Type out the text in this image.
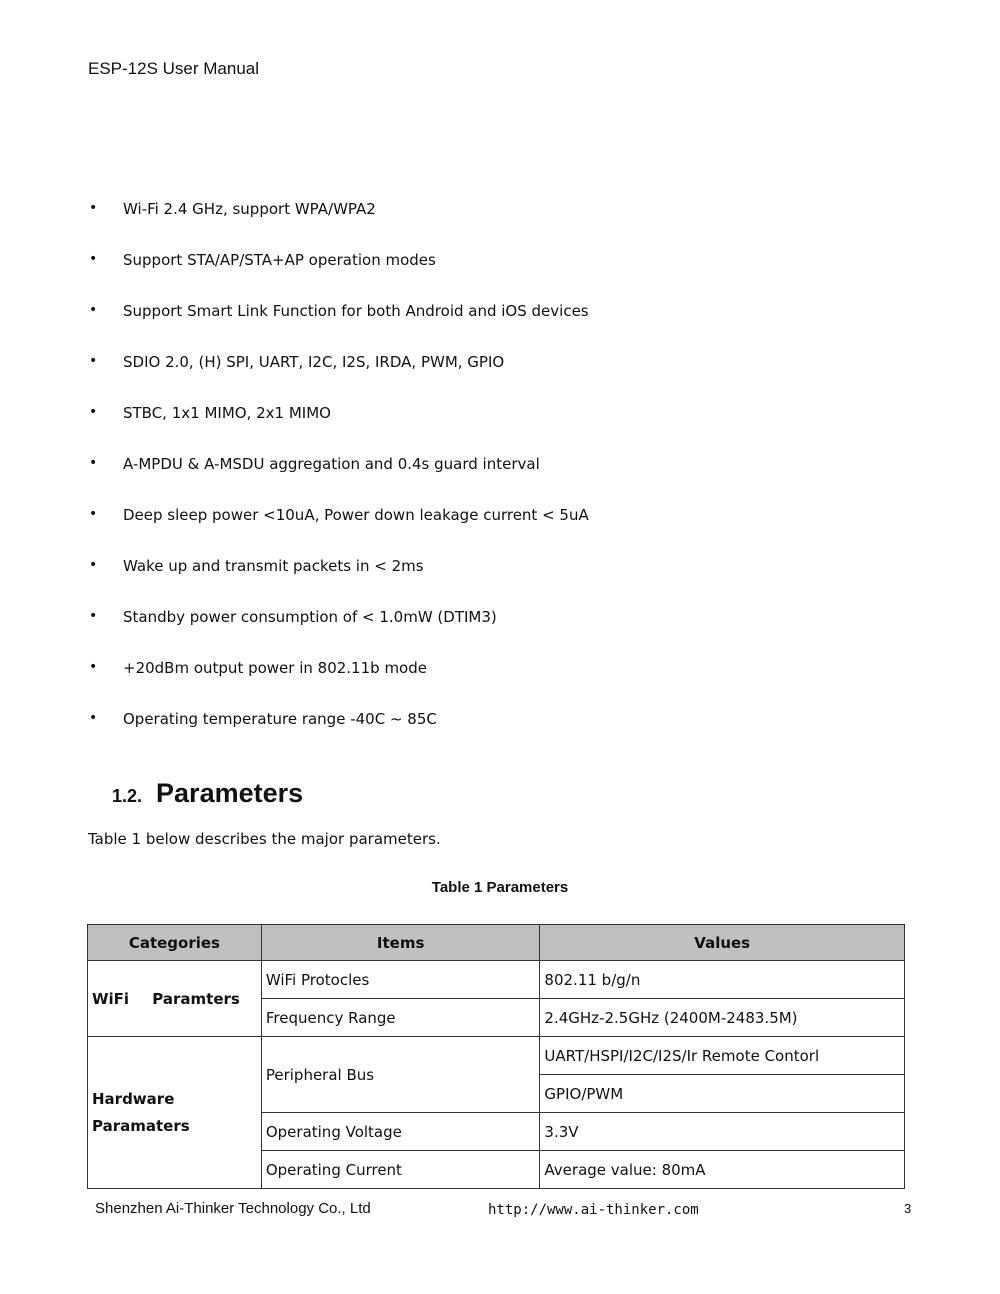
ESP-12S User Manual
•	Wi-Fi 2.4 GHz, support WPA/WPA2
•	Support STA/AP/STA+AP operation modes
•	Support Smart Link Function for both Android and iOS devices
•	SDIO 2.0, (H) SPI, UART, I2C, I2S, IRDA, PWM, GPIO
•	STBC, 1x1 MIMO, 2x1 MIMO
•	A-MPDU & A-MSDU aggregation and 0.4s guard interval
•	Deep sleep power <10uA, Power down leakage current < 5uA
•	Wake up and transmit packets in < 2ms
•	Standby power consumption of < 1.0mW (DTIM3)
•	+20dBm output power in 802.11b mode
•	Operating temperature range -40C ~ 85C
1.2. Parameters
Table 1 below describes the major parameters.
Table 1 Parameters
Categories	Items	Values
WiFi Paramters	WiFi Protocles	802.11 b/g/n
	Frequency Range	2.4GHz-2.5GHz (2400M-2483.5M)

Hardware
Paramaters	Peripheral Bus	UART/HSPI/I2C/I2S/Ir Remote Contorl
		GPIO/PWM
	Operating Voltage	3.3V
	Operating Current	Average value: 80mA
Shenzhen Ai-Thinker Technology Co., Ltd	http://www.ai-thinker.com	3
